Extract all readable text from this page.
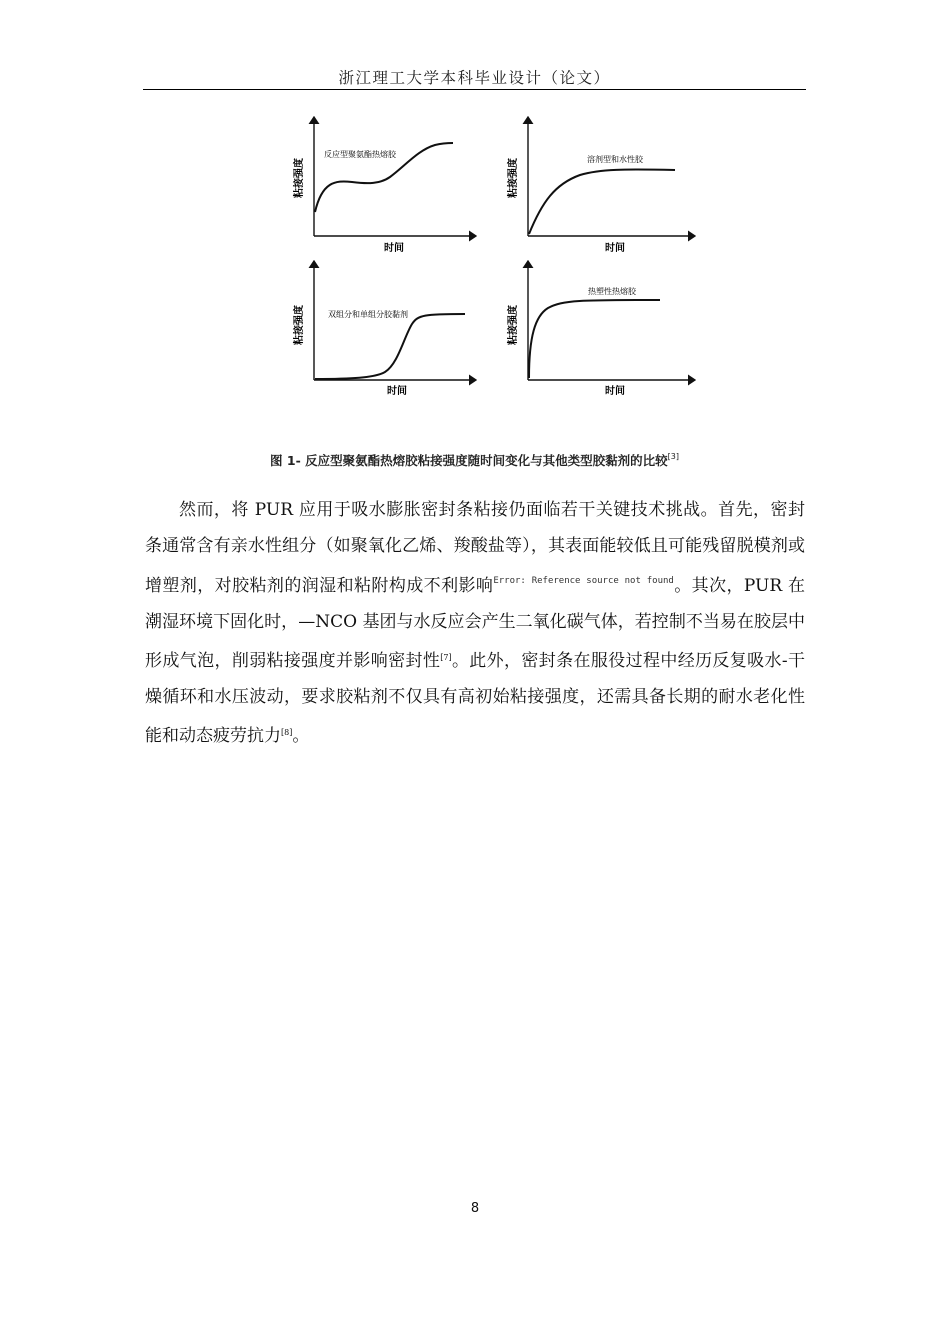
浙江理工大学本科毕业设计（论文）
反应型聚氨酯热熔胶
粘接强度
时间
溶剂型和水性胶
粘接强度
时间
双组分和单组分胶黏剂
粘接强度
时间
热塑性热熔胶
粘接强度
时间
图 1- 反应型聚氨酯热熔胶粘接强度随时间变化与其他类型胶黏剂的比较[3]
然而，将 PUR 应用于吸水膨胀密封条粘接仍面临若干关键技术挑战。首先，密封条通常含有亲水性组分（如聚氧化乙烯、羧酸盐等），其表面能较低且可能残留脱模剂或增塑剂，对胶粘剂的润湿和粘附构成不利影响$^{Error: Reference source not found}$。其次，PUR 在潮湿环境下固化时，—NCO 基团与水反应会产生二氧化碳气体，若控制不当易在胶层中形成气泡，削弱粘接强度并影响密封性[7]。此外，密封条在服役过程中经历反复吸水-干燥循环和水压波动，要求胶粘剂不仅具有高初始粘接强度，还需具备长期的耐水老化性能和动态疲劳抗力[8]。
8
